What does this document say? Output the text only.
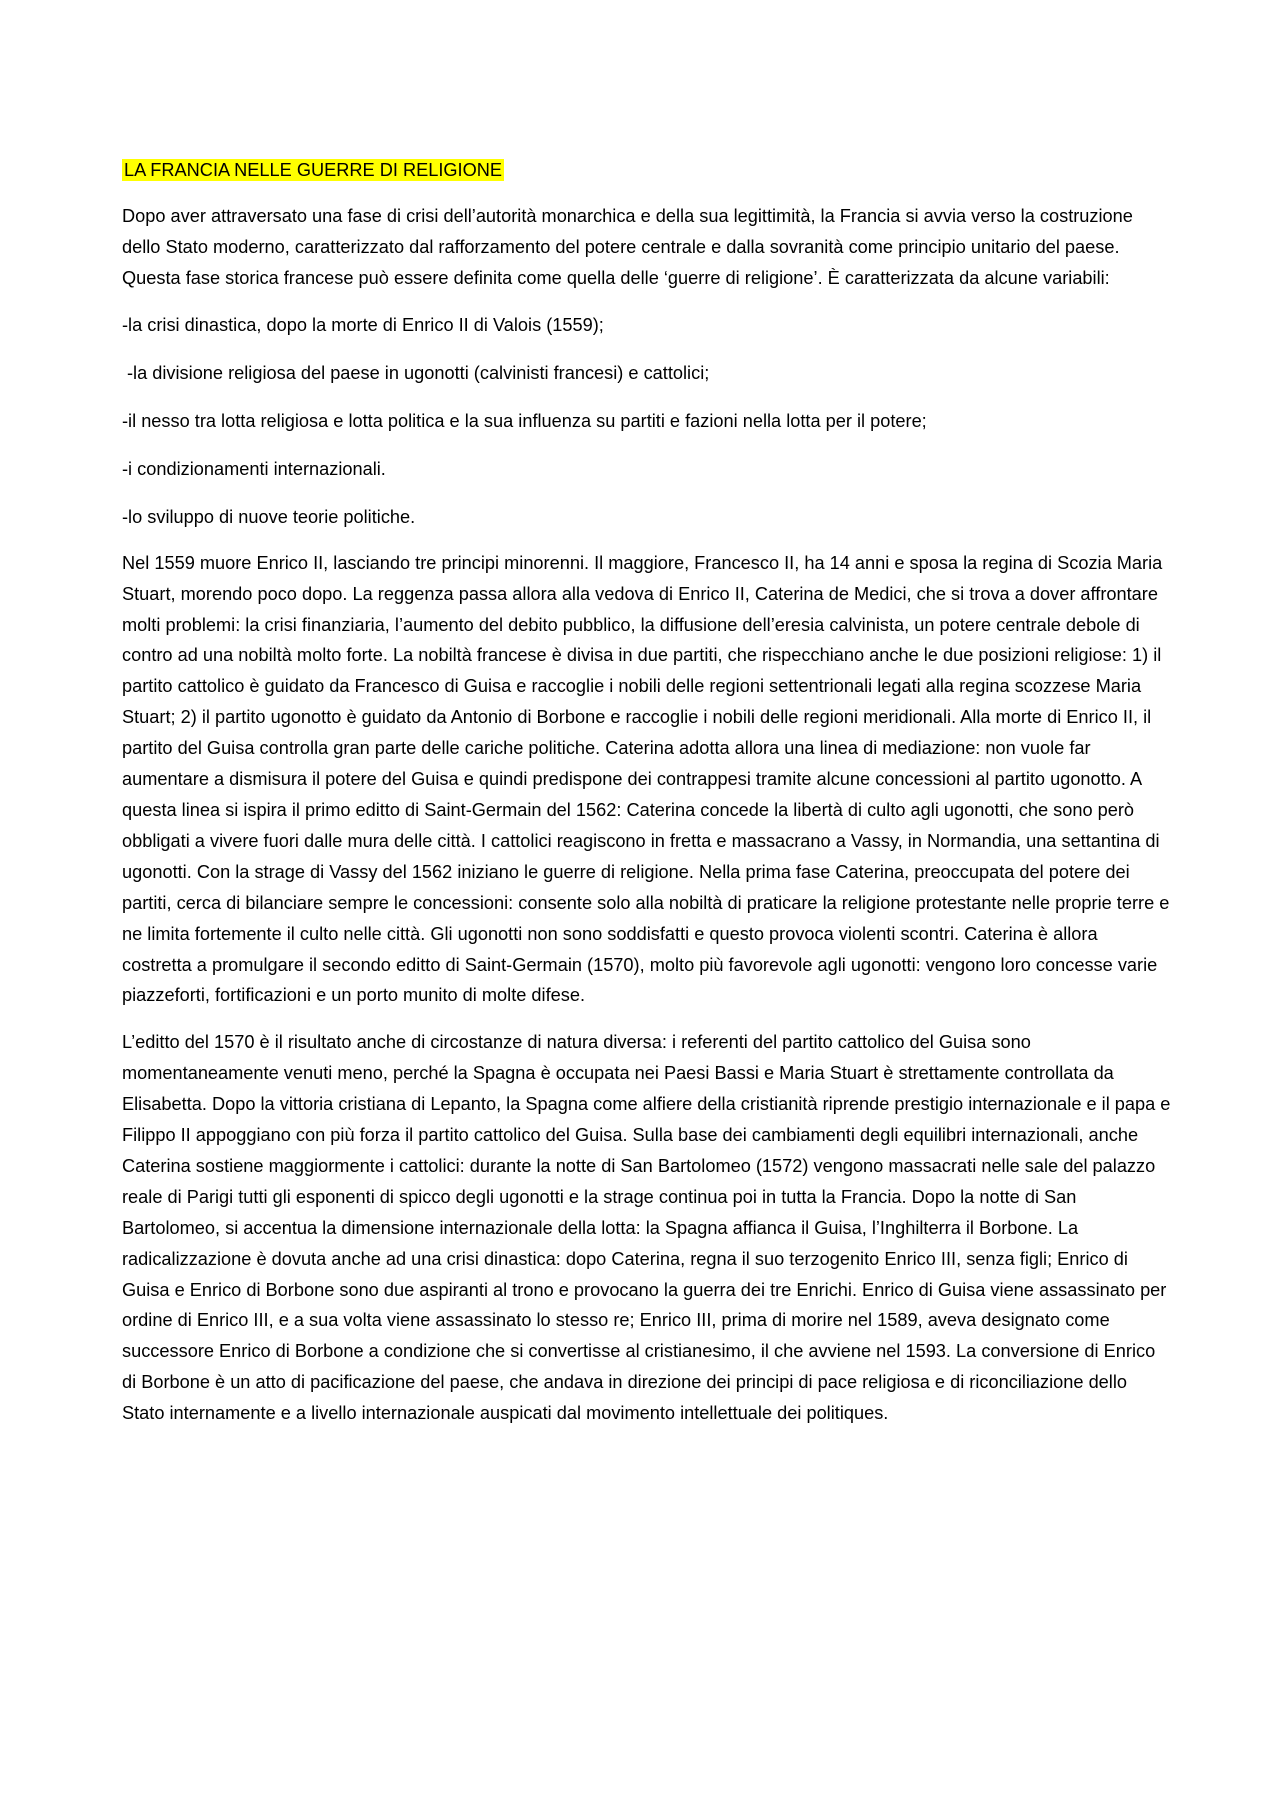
LA FRANCIA NELLE GUERRE DI RELIGIONE

Dopo aver attraversato una fase di crisi dell’autorità monarchica e della sua legittimità, la Francia si avvia verso la costruzione dello Stato moderno, caratterizzato dal rafforzamento del potere centrale e dalla sovranità come principio unitario del paese. Questa fase storica francese può essere definita come quella delle ‘guerre di religione’. È caratterizzata da alcune variabili:

-la crisi dinastica, dopo la morte di Enrico II di Valois (1559);

-la divisione religiosa del paese in ugonotti (calvinisti francesi) e cattolici;

-il nesso tra lotta religiosa e lotta politica e la sua influenza su partiti e fazioni nella lotta per il potere;

-i condizionamenti internazionali.

-lo sviluppo di nuove teorie politiche.

Nel 1559 muore Enrico II, lasciando tre principi minorenni. Il maggiore, Francesco II, ha 14 anni e sposa la regina di Scozia Maria Stuart, morendo poco dopo. La reggenza passa allora alla vedova di Enrico II, Caterina de Medici, che si trova a dover affrontare molti problemi: la crisi finanziaria, l’aumento del debito pubblico, la diffusione dell’eresia calvinista, un potere centrale debole di contro ad una nobiltà molto forte. La nobiltà francese è divisa in due partiti, che rispecchiano anche le due posizioni religiose: 1) il partito cattolico è guidato da Francesco di Guisa e raccoglie i nobili delle regioni settentrionali legati alla regina scozzese Maria Stuart; 2) il partito ugonotto è guidato da Antonio di Borbone e raccoglie i nobili delle regioni meridionali. Alla morte di Enrico II, il partito del Guisa controlla gran parte delle cariche politiche. Caterina adotta allora una linea di mediazione: non vuole far aumentare a dismisura il potere del Guisa e quindi predispone dei contrappesi tramite alcune concessioni al partito ugonotto. A questa linea si ispira il primo editto di Saint-Germain del 1562: Caterina concede la libertà di culto agli ugonotti, che sono però obbligati a vivere fuori dalle mura delle città. I cattolici reagiscono in fretta e massacrano a Vassy, in Normandia, una settantina di ugonotti. Con la strage di Vassy del 1562 iniziano le guerre di religione. Nella prima fase Caterina, preoccupata del potere dei partiti, cerca di bilanciare sempre le concessioni: consente solo alla nobiltà di praticare la religione protestante nelle proprie terre e ne limita fortemente il culto nelle città. Gli ugonotti non sono soddisfatti e questo provoca violenti scontri. Caterina è allora costretta a promulgare il secondo editto di Saint-Germain (1570), molto più favorevole agli ugonotti: vengono loro concesse varie piazzeforti, fortificazioni e un porto munito di molte difese.

L’editto del 1570 è il risultato anche di circostanze di natura diversa: i referenti del partito cattolico del Guisa sono momentaneamente venuti meno, perché la Spagna è occupata nei Paesi Bassi e Maria Stuart è strettamente controllata da Elisabetta. Dopo la vittoria cristiana di Lepanto, la Spagna come alfiere della cristianità riprende prestigio internazionale e il papa e Filippo II appoggiano con più forza il partito cattolico del Guisa. Sulla base dei cambiamenti degli equilibri internazionali, anche Caterina sostiene maggiormente i cattolici: durante la notte di San Bartolomeo (1572) vengono massacrati nelle sale del palazzo reale di Parigi tutti gli esponenti di spicco degli ugonotti e la strage continua poi in tutta la Francia. Dopo la notte di San Bartolomeo, si accentua la dimensione internazionale della lotta: la Spagna affianca il Guisa, l’Inghilterra il Borbone. La radicalizzazione è dovuta anche ad una crisi dinastica: dopo Caterina, regna il suo terzogenito Enrico III, senza figli; Enrico di Guisa e Enrico di Borbone sono due aspiranti al trono e provocano la guerra dei tre Enrichi. Enrico di Guisa viene assassinato per ordine di Enrico III, e a sua volta viene assassinato lo stesso re; Enrico III, prima di morire nel 1589, aveva designato come successore Enrico di Borbone a condizione che si convertisse al cristianesimo, il che avviene nel 1593. La conversione di Enrico di Borbone è un atto di pacificazione del paese, che andava in direzione dei principi di pace religiosa e di riconciliazione dello Stato internamente e a livello internazionale auspicati dal movimento intellettuale dei politiques.
